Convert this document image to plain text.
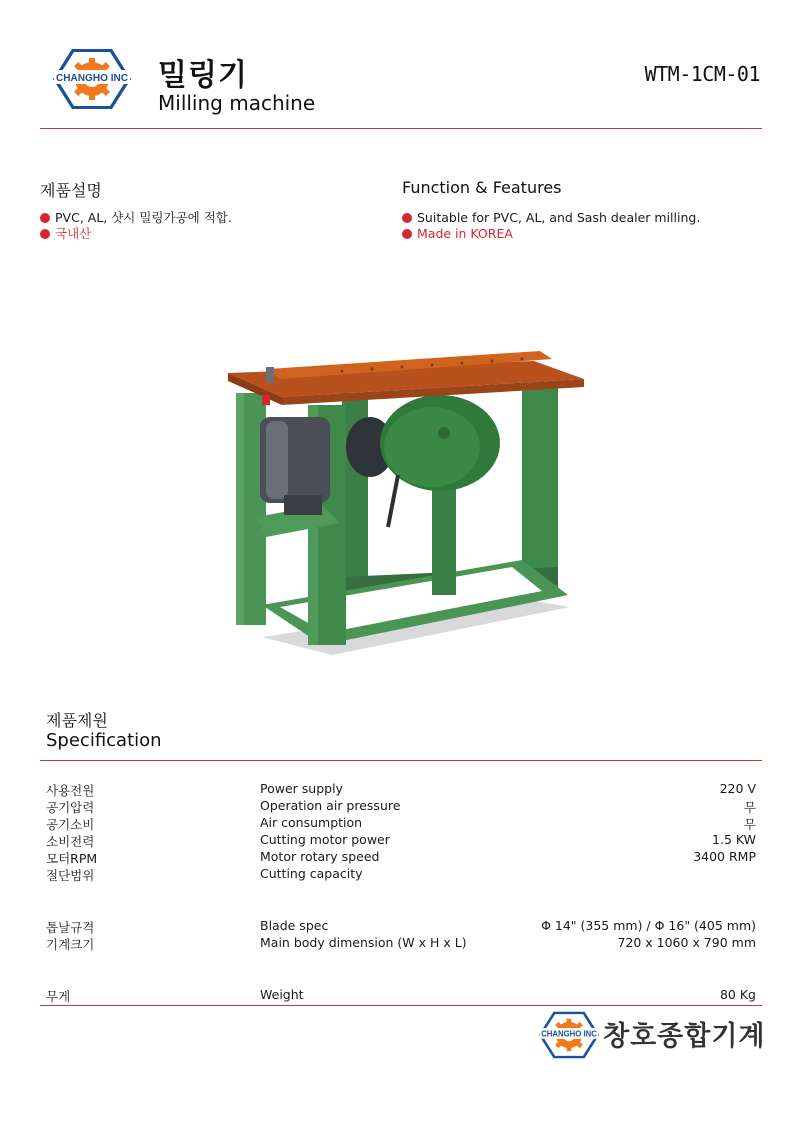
CHANGHO INC 밀링기
Milling machine
WTM-1CM-01
제품설명	Function & Features
PVC, AL, 샷시 밀링가공에 적합.
국내산
Suitable for PVC, AL, and Sash dealer milling.
Made in KOREA
제품제원
Specification
사용전원	Power supply	220 V
공기압력	Operation air pressure	무
공기소비	Air consumption	무
소비전력	Cutting motor power	1.5 KW
모터RPM	Motor rotary speed	3400 RMP
절단범위	Cutting capacity
톱날규격	Blade spec	Φ 14" (355 mm) / Φ 16" (405 mm)
기계크기	Main body dimension (W x H x L)	720 x 1060 x 790 mm
무게	Weight	80 Kg
CHANGHO INC 창호종합기계
